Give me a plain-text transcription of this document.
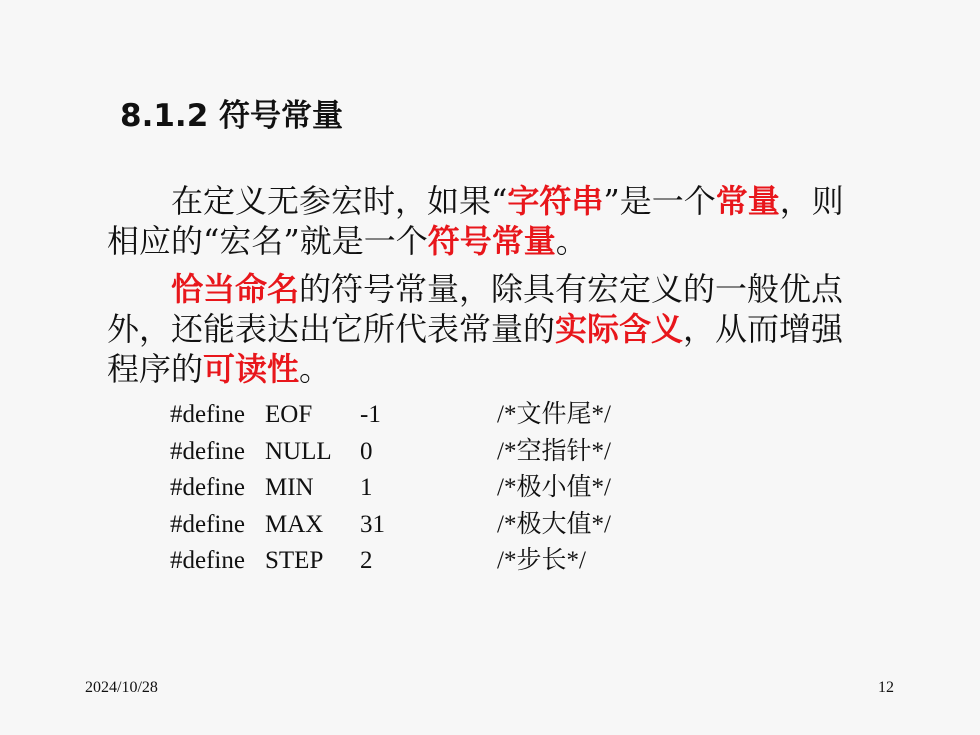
8.1.2 符号常量
在定义无参宏时，如果“字符串”是一个常量，则相应的“宏名”就是一个符号常量。
恰当命名的符号常量，除具有宏定义的一般优点外，还能表达出它所代表常量的实际含义，从而增强程序的可读性。
#define EOF -1	/*文件尾*/
#define NULL 0	/*空指针*/
#define MIN 1	/*极小值*/
#define MAX 31	/*极大值*/
#define STEP 2	/*步长*/
2024/10/28	12
